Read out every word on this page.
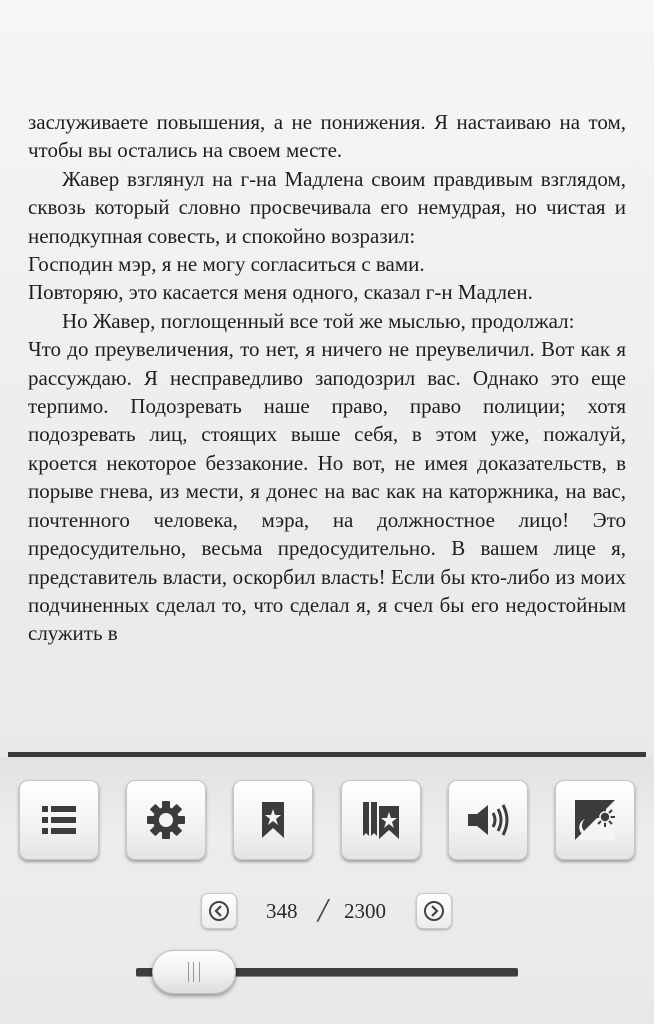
заслуживаете повышения, а не понижения. Я настаиваю на том, чтобы вы остались на своем месте.

Жавер взглянул на г-на Мадлена своим правдивым взглядом, сквозь который словно просвечивала его немудрая, но чистая и неподкупная совесть, и спокойно возразил:

Господин мэр, я не могу согласиться с вами.

Повторяю, это касается меня одного, сказал г-н Мадлен.

Но Жавер, поглощенный все той же мыслью, продолжал:

Что до преувеличения, то нет, я ничего не преувеличил. Вот как я рассуждаю. Я несправедливо заподозрил вас. Однако это еще терпимо. Подозревать наше право, право полиции; хотя подозревать лиц, стоящих выше себя, в этом уже, пожалуй, кроется некоторое беззаконие. Но вот, не имея доказательств, в порыве гнева, из мести, я донес на вас как на каторжника, на вас, почтенного человека, мэра, на должностное лицо! Это предосудительно, весьма предосудительно. В вашем лице я, представитель власти, оскорбил власть! Если бы кто-либо из моих подчиненных сделал то, что сделал я, я счел бы его недостойным служить в

348 / 2300
